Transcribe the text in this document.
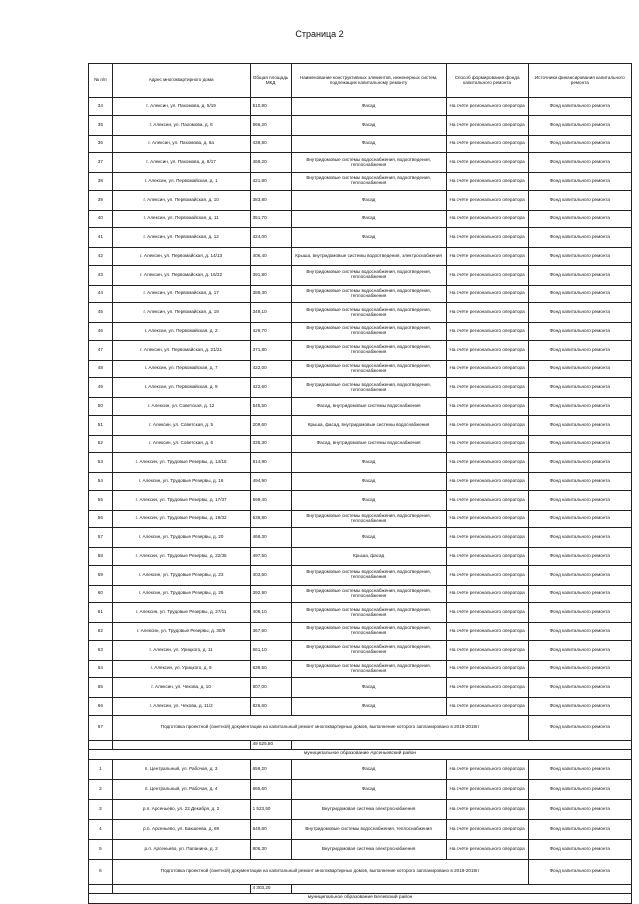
Страница 2
№ п/п	Адрес многоквартирного дома	Общая площадь МКД	Наименование конструктивных элементов, инженерных систем, подлежащих капитальному ремонту	Способ формирования фонда капитального ремонта	Источники финансирования капитального ремонта
34	г. Алексин, ул. Пахомова, д. 5/19	510,80	Фасад	На счёте регионального оператора	Фонд капитального ремонта
35	г. Алексин, ул. Пахомова, д. 6	566,20	Фасад	На счёте регионального оператора	Фонд капитального ремонта
36	г. Алексин, ул. Пахомова, д. 6а	439,80	Фасад	На счёте регионального оператора	Фонд капитального ремонта
37	г. Алексин, ул. Пахомова, д. 8/17	469,20	Внутридомовые системы водоснабжения, водоотведения, теплоснабжения	На счёте регионального оператора	Фонд капитального ремонта
38	г. Алексин, ул. Первомайская, д. 1	421,80	Внутридомовые системы водоснабжения, водоотведения, теплоснабжения	На счёте регионального оператора	Фонд капитального ремонта
39	г. Алексин, ул. Первомайская, д. 10	383,80	Фасад	На счёте регионального оператора	Фонд капитального ремонта
40	г. Алексин, ул. Первомайская, д. 11	351,70	Фасад	На счёте регионального оператора	Фонд капитального ремонта
41	г. Алексин, ул. Первомайская, д. 12	424,00	Фасад	На счёте регионального оператора	Фонд капитального ремонта
42	г. Алексин, ул. Первомайская, д. 14/13	406,40	Крыша, внутридомовые системы водоотведения, электроснабжения	На счёте регионального оператора	Фонд капитального ремонта
43	г. Алексин, ул. Первомайская, д. 16/32	391,80	Внутридомовые системы водоснабжения, водоотведения, теплоснабжения	На счёте регионального оператора	Фонд капитального ремонта
44	г. Алексин, ул. Первомайская, д. 17	389,30	Внутридомовые системы водоснабжения, водоотведения, теплоснабжения	На счёте регионального оператора	Фонд капитального ремонта
45	г. Алексин, ул. Первомайская, д. 19	349,10	Внутридомовые системы водоснабжения, водоотведения, теплоснабжения	На счёте регионального оператора	Фонд капитального ремонта
46	г. Алексин, ул. Первомайская, д. 2	429,70	Внутридомовые системы водоснабжения, водоотведения, теплоснабжения	На счёте регионального оператора	Фонд капитального ремонта
47	г. Алексин, ул. Первомайская, д. 21/21	371,80	Внутридомовые системы водоснабжения, водоотведения, теплоснабжения	На счёте регионального оператора	Фонд капитального ремонта
48	г. Алексин, ул. Первомайская, д. 7	422,00	Внутридомовые системы водоснабжения, водоотведения, теплоснабжения	На счёте регионального оператора	Фонд капитального ремонта
49	г. Алексин, ул. Первомайская, д. 9	422,60	Внутридомовые системы водоснабжения, водоотведения, теплоснабжения	На счёте регионального оператора	Фонд капитального ремонта
50	г. Алексин, ул. Советская, д. 12	545,50	Фасад, внутридомовые системы водоснабжения	На счёте регионального оператора	Фонд капитального ремонта
51	г. Алексин, ул. Советская, д. 5	209,60	Крыша, фасад, внутридомовые системы водоснабжения	На счёте регионального оператора	Фонд капитального ремонта
52	г. Алексин, ул. Советская, д. 6	335,30	Фасад, внутридомовые системы водоснабжения	На счёте регионального оператора	Фонд капитального ремонта
53	г. Алексин, ул. Трудовые Резервы, д. 14/16	514,90	Фасад	На счёте регионального оператора	Фонд капитального ремонта
54	г. Алексин, ул. Трудовые Резервы, д. 16	494,90	Фасад	На счёте регионального оператора	Фонд капитального ремонта
55	г. Алексин, ул. Трудовые Резервы, д. 17/37	599,40	Фасад	На счёте регионального оператора	Фонд капитального ремонта
56	г. Алексин, ул. Трудовые Резервы, д. 19/32	536,80	Внутридомовые системы водоснабжения, водоотведения, теплоснабжения	На счёте регионального оператора	Фонд капитального ремонта
57	г. Алексин, ул. Трудовые Резервы, д. 20	468,30	Фасад	На счёте регионального оператора	Фонд капитального ремонта
58	г. Алексин, ул. Трудовые Резервы, д. 22/35	497,50	Крыша, фасад	На счёте регионального оператора	Фонд капитального ремонта
59	г. Алексин, ул. Трудовые Резервы, д. 23	403,60	Внутридомовые системы водоснабжения, водоотведения, теплоснабжения	На счёте регионального оператора	Фонд капитального ремонта
60	г. Алексин, ул. Трудовые Резервы, д. 25	392,90	Внутридомовые системы водоснабжения, водоотведения, теплоснабжения	На счёте регионального оператора	Фонд капитального ремонта
61	г. Алексин, ул. Трудовые Резервы, д. 27/11	406,10	Внутридомовые системы водоснабжения, водоотведения, теплоснабжения	На счёте регионального оператора	Фонд капитального ремонта
62	г. Алексин, ул. Трудовые Резервы, д. 30/9	367,60	Внутридомовые системы водоснабжения, водоотведения, теплоснабжения	На счёте регионального оператора	Фонд капитального ремонта
63	г. Алексин, ул. Урицкого, д. 11	661,10	Внутридомовые системы водоснабжения, водоотведения, теплоснабжения	На счёте регионального оператора	Фонд капитального ремонта
64	г. Алексин, ул. Урицкого, д. 9	639,50	Внутридомовые системы водоснабжения, водоотведения, теплоснабжения	На счёте регионального оператора	Фонд капитального ремонта
65	г. Алексин, ул. Чехова, д. 10	607,00	Фасад	На счёте регионального оператора	Фонд капитального ремонта
66	г. Алексин, ул. Чехова, д. 11/2	826,60	Фасад	На счёте регионального оператора	Фонд капитального ремонта
67	Подготовка проектной (сметной) документации на капитальный ремонт многоквартирных домов, выполнение которого запланировано в 2018-2019гг				Фонд капитального ремонта
		49 525,80			
муниципальное образование Арсеньевский район					
1	п. Центральный, ул. Рабочая, д. 3	659,20	Фасад	На счёте регионального оператора	Фонд капитального ремонта
2	п. Центральный, ул. Рабочая, д. 4	665,60	Фасад	На счёте регионального оператора	Фонд капитального ремонта
3	р.п. Арсеньево, ул. 22 Декабря, д. 2	1 523,50	Внутридомовая система электроснабжения	На счёте регионального оператора	Фонд капитального ремонта
4	р.п. Арсеньево, ул. Бакшеева, д. 69	648,60	Внутридомовые системы водоснабжения, теплоснабжения	На счёте регионального оператора	Фонд капитального ремонта
5	р.п. Арсеньево, ул. Папанина, д. 2	806,30	Внутридомовая система электроснабжения	На счёте регионального оператора	Фонд капитального ремонта
6	Подготовка проектной (сметной) документации на капитальный ремонт многоквартирных домов, выполнение которого запланировано в 2018-2019гг				Фонд капитального ремонта
		4 303,20			
муниципальное образование Белевский район					
